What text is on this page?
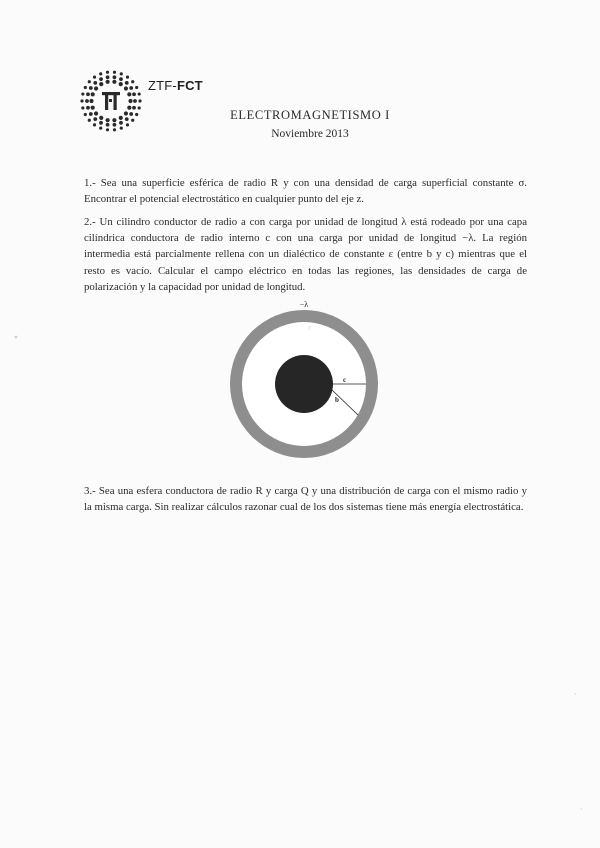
ZTF-FCT
ELECTROMAGNETISMO I
Noviembre 2013
1.- Sea una superficie esférica de radio R y con una densidad de carga superficial constante σ. Encontrar el potencial electrostático en cualquier punto del eje z.
2.- Un cilindro conductor de radio a con carga por unidad de longitud λ está rodeado por una capa cilíndrica conductora de radio interno c con una carga por unidad de longitud −λ. La región intermedia está parcialmente rellena con un dialéctico de constante ε (entre b y c) mientras que el resto es vacío. Calcular el campo eléctrico en todas las regiones, las densidades de carga de polarización y la capacidad por unidad de longitud.
−λ
ε
c
b
3.- Sea una esfera conductora de radio R y carga Q y una distribución de carga con el mismo radio y la misma carga. Sin realizar cálculos razonar cual de los dos sistemas tiene más energía electrostática.
*
·
·
